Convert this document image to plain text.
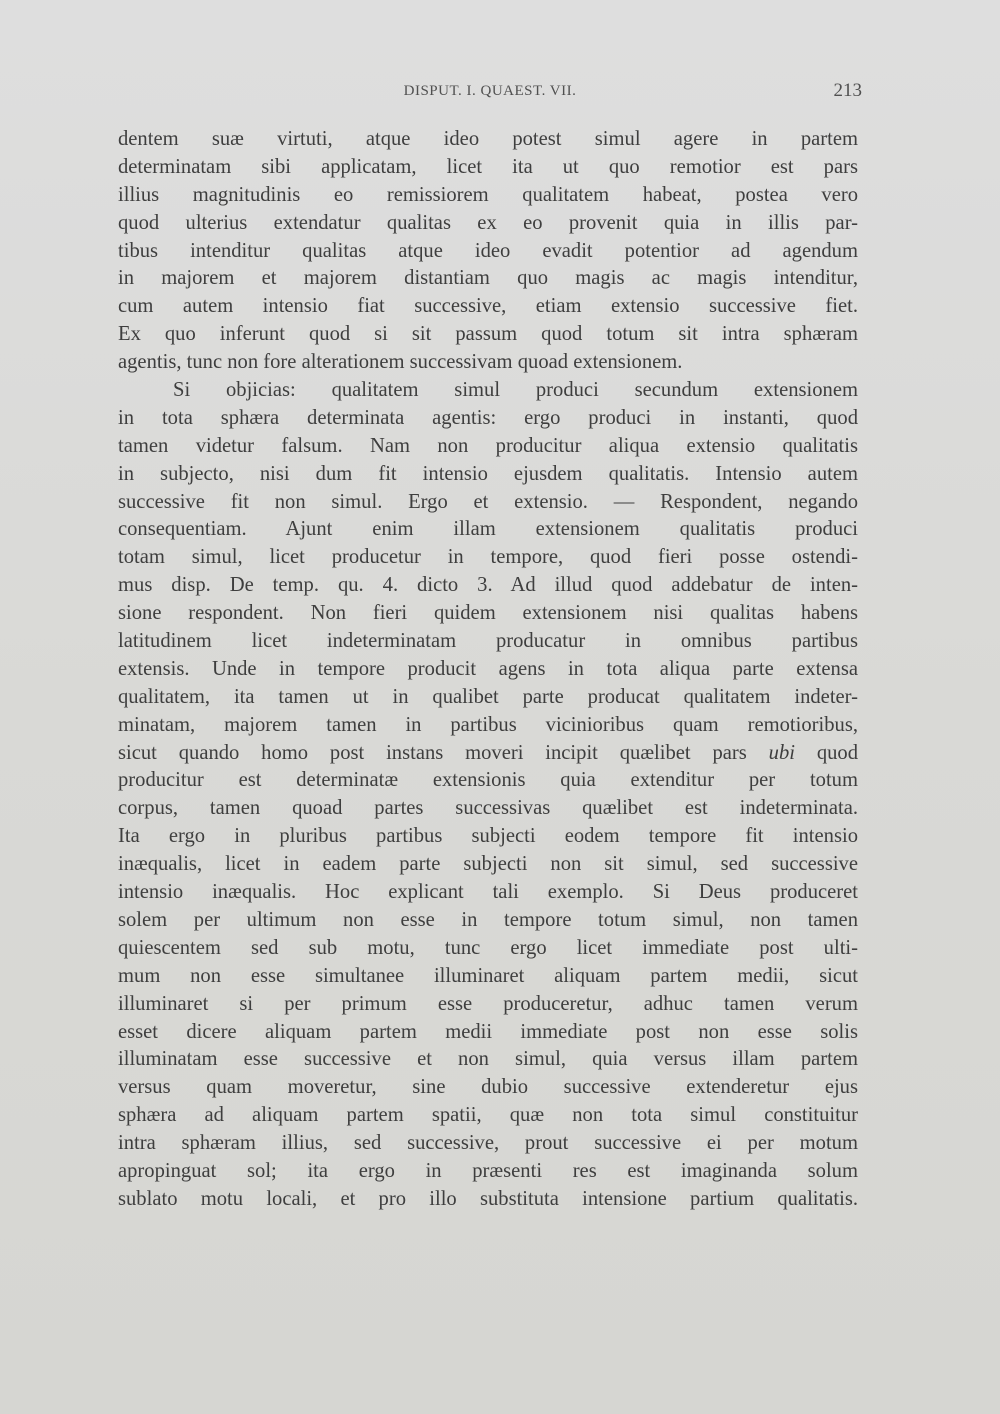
DISPUT. I. QUAEST. VII.	213
dentem suæ virtuti, atque ideo potest simul agere in partem
determinatam sibi applicatam, licet ita ut quo remotior est pars
illius magnitudinis eo remissiorem qualitatem habeat, postea vero
quod ulterius extendatur qualitas ex eo provenit quia in illis par-
tibus intenditur qualitas atque ideo evadit potentior ad agendum
in majorem et majorem distantiam quo magis ac magis intenditur,
cum autem intensio fiat successive, etiam extensio successive fiet.
Ex quo inferunt quod si sit passum quod totum sit intra sphæram
agentis, tunc non fore alterationem successivam quoad extensionem.
Si objicias: qualitatem simul produci secundum extensionem
in tota sphæra determinata agentis: ergo produci in instanti, quod
tamen videtur falsum. Nam non producitur aliqua extensio qualitatis
in subjecto, nisi dum fit intensio ejusdem qualitatis. Intensio autem
successive fit non simul. Ergo et extensio. — Respondent, negando
consequentiam. Ajunt enim illam extensionem qualitatis produci
totam simul, licet producetur in tempore, quod fieri posse ostendi-
mus disp. De temp. qu. 4. dicto 3. Ad illud quod addebatur de inten-
sione respondent. Non fieri quidem extensionem nisi qualitas habens
latitudinem licet indeterminatam producatur in omnibus partibus
extensis. Unde in tempore producit agens in tota aliqua parte extensa
qualitatem, ita tamen ut in qualibet parte producat qualitatem indeter-
minatam, majorem tamen in partibus vicinioribus quam remotioribus,
sicut quando homo post instans moveri incipit quælibet pars ubi quod
producitur est determinatæ extensionis quia extenditur per totum
corpus, tamen quoad partes successivas quælibet est indeterminata.
Ita ergo in pluribus partibus subjecti eodem tempore fit intensio
inæqualis, licet in eadem parte subjecti non sit simul, sed successive
intensio inæqualis. Hoc explicant tali exemplo. Si Deus produceret
solem per ultimum non esse in tempore totum simul, non tamen
quiescentem sed sub motu, tunc ergo licet immediate post ulti-
mum non esse simultanee illuminaret aliquam partem medii, sicut
illuminaret si per primum esse produceretur, adhuc tamen verum
esset dicere aliquam partem medii immediate post non esse solis
illuminatam esse successive et non simul, quia versus illam partem
versus quam moveretur, sine dubio successive extenderetur ejus
sphæra ad aliquam partem spatii, quæ non tota simul constituitur
intra sphæram illius, sed successive, prout successive ei per motum
apropinguat sol; ita ergo in præsenti res est imaginanda solum
sublato motu locali, et pro illo substituta intensione partium qualitatis.
